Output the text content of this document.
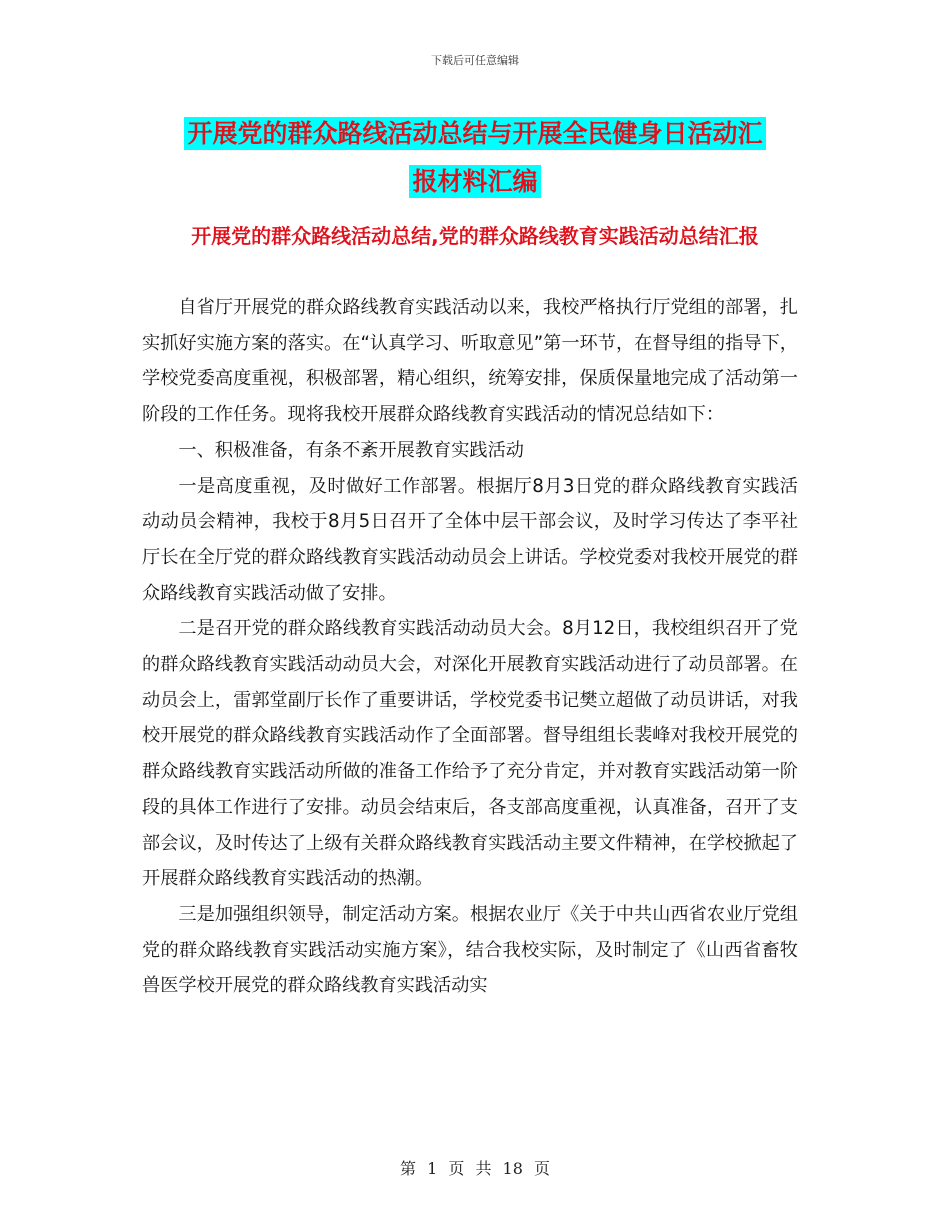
下载后可任意编辑
开展党的群众路线活动总结与开展全民健身日活动汇
报材料汇编
开展党的群众路线活动总结,党的群众路线教育实践活动总结汇报

自省厅开展党的群众路线教育实践活动以来，我校严格执行厅党组的部署，扎实抓好实施方案的落实。在“认真学习、听取意见”第一环节，在督导组的指导下，学校党委高度重视，积极部署，精心组织，统筹安排，保质保量地完成了活动第一阶段的工作任务。现将我校开展群众路线教育实践活动的情况总结如下：

一、积极准备，有条不紊开展教育实践活动

一是高度重视，及时做好工作部署。根据厅8月3日党的群众路线教育实践活动动员会精神，我校于8月5日召开了全体中层干部会议，及时学习传达了李平社厅长在全厅党的群众路线教育实践活动动员会上讲话。学校党委对我校开展党的群众路线教育实践活动做了安排。

二是召开党的群众路线教育实践活动动员大会。8月12日，我校组织召开了党的群众路线教育实践活动动员大会，对深化开展教育实践活动进行了动员部署。在动员会上，雷郭堂副厅长作了重要讲话，学校党委书记樊立超做了动员讲话，对我校开展党的群众路线教育实践活动作了全面部署。督导组组长裴峰对我校开展党的群众路线教育实践活动所做的准备工作给予了充分肯定，并对教育实践活动第一阶段的具体工作进行了安排。动员会结束后，各支部高度重视，认真准备，召开了支部会议，及时传达了上级有关群众路线教育实践活动主要文件精神，在学校掀起了开展群众路线教育实践活动的热潮。

三是加强组织领导，制定活动方案。根据农业厅《关于中共山西省农业厅党组党的群众路线教育实践活动实施方案》，结合我校实际，及时制定了《山西省畜牧兽医学校开展党的群众路线教育实践活动实

第 1 页 共 18 页
